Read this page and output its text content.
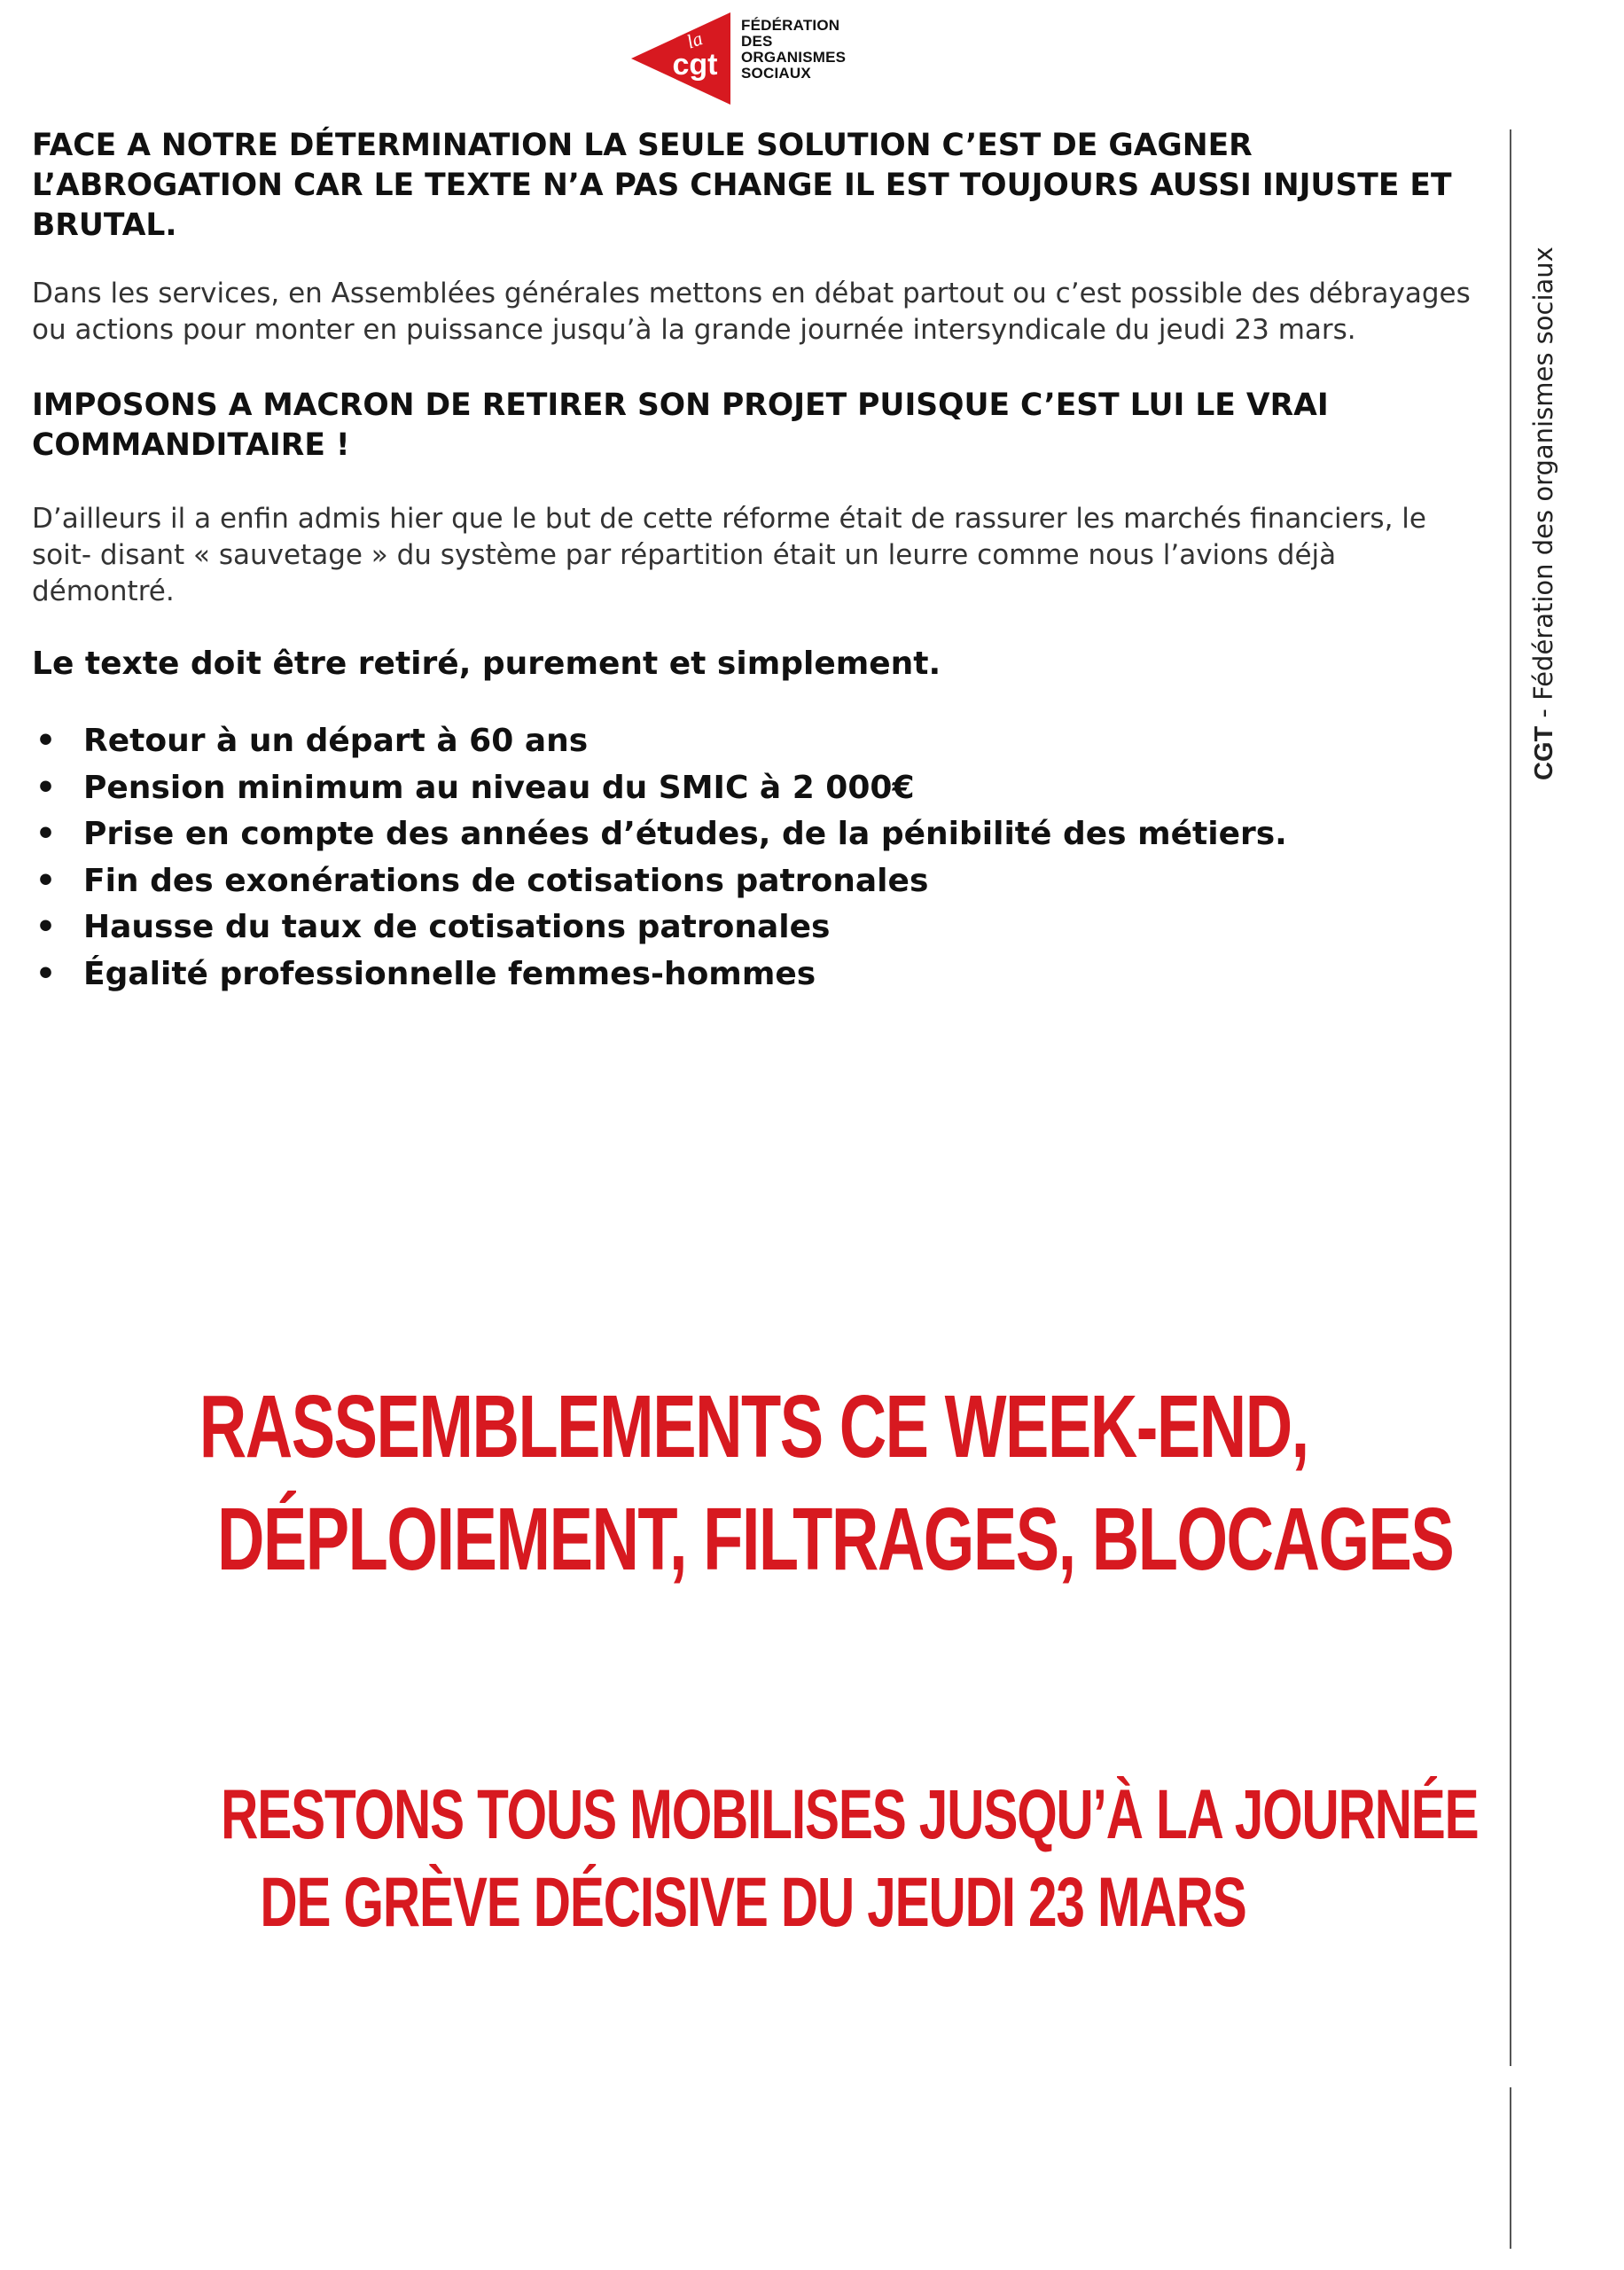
la
cgt
FÉDÉRATION
DES
ORGANISMES
SOCIAUX
CGT - Fédération des organismes sociaux

FACE A NOTRE DÉTERMINATION LA SEULE SOLUTION C’EST DE GAGNER L’ABROGATION CAR LE TEXTE N’A PAS CHANGE IL EST TOUJOURS AUSSI INJUSTE ET BRUTAL.

Dans les services, en Assemblées générales mettons en débat partout ou c’est possible des débrayages ou actions pour monter en puissance jusqu’à la grande journée intersyndicale du jeudi 23 mars.

IMPOSONS A MACRON DE RETIRER SON PROJET PUISQUE C’EST LUI LE VRAI COMMANDITAIRE !

D’ailleurs il a enfin admis hier que le but de cette réforme était de rassurer les marchés financiers, le soit- disant « sauvetage » du système par répartition était un leurre comme nous l’avions déjà démontré.

Le texte doit être retiré, purement et simplement.

• Retour à un départ à 60 ans
• Pension minimum au niveau du SMIC à 2 000€
• Prise en compte des années d’études, de la pénibilité des métiers.
• Fin des exonérations de cotisations patronales
• Hausse du taux de cotisations patronales
• Égalité professionnelle femmes-hommes
RASSEMBLEMENTS CE WEEK-END,
DÉPLOIEMENT, FILTRAGES, BLOCAGES
RESTONS TOUS MOBILISES JUSQU’À LA JOURNÉE
DE GRÈVE DÉCISIVE DU JEUDI 23 MARS
